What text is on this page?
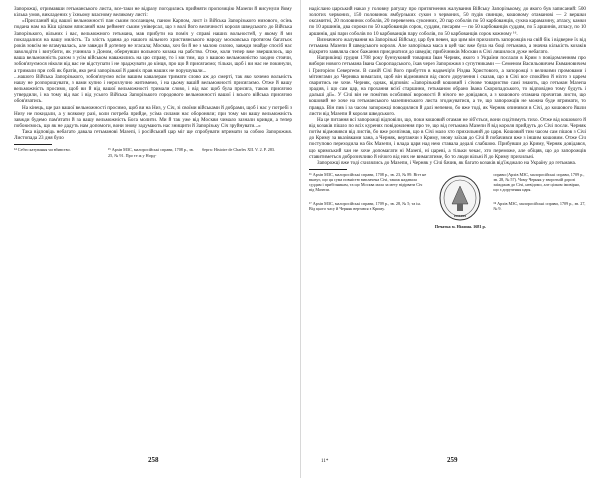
Запорожці, отримавши гетьманського листа, все-таки не відразу погодились прийняти пропозицію Мазепи й висунули йому кілька умов, викладених у їхньому власному великому листі:

«Присланий від вашої вельможності пан ським посланцем, паном Карпом, лист із Війська Запорізького низового, осінь подана нам на Кіш цілком вписаний нам реймент ським універсал, що з волі його величності короля шведського до Війська Запорізького, вільних і вас, вельможного гетьмана, мав прибути на поміч у справі наших вольностей, у якому й ми покладалися на вашу милість. Та злість здавна до нашого вільного християнського народу московська протягом багатьох років зовсім не вгамувалась, але завжди й дотепер не згасала; Москва, хоч би й не з малою силою, завжди знайде спосіб нас заволодіти і вигубити, як учинила з Доном, обернувши вольного козака на рабство. Отже, коли тепер вже звершилось, що ваша вельможність разом з усім військом наважились на цю справу, то і ми тим, що з вашою вельможністю заодно стоячи, зобов'язуємося ніколи від вас не відступати і не зраджувати до кінця, про що й присягаємо; тільки, щоб і ви нас не покинули, а тримали при собі як братів, яко речі запорізької й давніх прав наших не порушували...

...нашого Війська Запорізького, зобов'язуємо всім вашим кавалерам тримати слово аж до смерті, так яко хочемо вольність нашу не розпорошувати, з вами купно і нерозлучно житимемо, і на цьому вашій вельможності присягаємо. Отже й вашу вельможність просимо, щоб ви й від вашої вельможності тримали слово, і від вас щоб була присяга, також присягою утвердили, і на тому від вас і від усього Війська Запорізького городового вельможності вашої і всього війська присягою обов'язатись.

На кінець, ще раз вашої вельможності просимо, щоб ви на Низ, у Січ, зі своїми військами й добрами, щоб і нас у потребі з Низу не покидали, а у всякому разі, коли потреба прийде, усіма силами нас обороняли; при тому ми вашу вельможність завжди будемо пам'ятати й за вашу вельможність Бога молити. Ми й так уже від Москви чимало зазнали кривди, а тепер побоюємось, що як не дадуть нам допомоги, вони знову задумають нас знищити й Запорізьку Січ зруйнувати...»

Така відповідь небагато давала гетьманові Мазепі, і російський цар міг ще спробувати втримати за собою Запорожжя. Листопада 23 дня було

¹⁴ Себто катування чи вбивство.	¹⁵ Архів МЗС, малоросійські справи, 1708 р., зв. 25, № 91. Про те ж у Норд-
берга: Histoire de Charles XII. V. 2. P. 283.
258

надіслано царський наказ у головну ратушу про притягнення жалування Війську Запорізькому, до якого був записаний: 500 золотих червоних, 150 половинок ямбурзьких сукон з червоних, 50 пудів свинцю, кошовому отаманові — 2 вершки оксамитні, 20 половинок соболів, 20 перевезень суконних, 20 пар соболів по 50 карбованців, сукна карамазину, атласу, камки по 10 аршинів, два сороки по 50 карбованців сорок, суддям, писарям — по 50 карбованців суддям, по 5 аршинів, атласу, по 10 аршинів, дві пари соболів по 10 карбованців пару соболів, по 50 карбованців сорок кожному ¹⁶.

Визначного жалування на Запорізькі Війську, цар був певен, що цим він прихилить запорожців на свій бік і відверне їх від гетьмана Мазепи й шведського короля. Але запорізька маса в цей час вже була на боці гетьмана, а значна кількість козаків відкрито заявляла своє бажання приєднатися до шведів; прибічників Москви в Січі лишилося дуже небагато.

Наприкінці грудня 1708 року бунчуковий товариш Іван Черняк, якого з України послали в Крим з повідомленням про вибори нового гетьмана Івана Скоропадського, їхав через Запорожжя з супутниками — Семеном Васильовичем Еммановичем і Григорієм Севергеєм. В самій Січі його прибуття в надвечір'я Різдва Христового, а запорожці з великими промовами і мітингами до Черняка вимагали, щоб він відмовився від свого доручення і сказав, що в Січі все спокійно й ніхто з царем сваритись не хоче. Черняк, однак, відповів: «Запорізький кошовий і січове товариство самі знають, що гетьман Мазепа зрадив, і що сам цар, на прохання всієї старшини, гетьманом обрано Івана Скоропадського, то відповідно тому будуть і дальші дії». У Січі він не помітив особливої ворожості й нічого не довідався, а з кошового отамана прочитав листи, що кошовий не хоче на гетьманського мазепинського листа згоджуватися, а те, що запорожців не можна буде втримати, то правда. Він пив і за часом запорожці поводилися й далі непевно, бо вже тоді, як Черняк опинився в Січі, до кошового йшли листи від Мазепи й короля шведського.

На це питання всі запорожці відповіли, що, поки кошовий отаман не зіб'ється, вони сидітимуть тихо. Отже від кошового й від козаків пішло по всіх куренях повідомлення про те, що від гетьмана Мазепи й від короля прийдуть до Січі посли. Черняк потім відмовився від листів, бо вже розпізнав, що в Січі мало хто прихильний до царя. Кошовий тим часом сам пішов з Січі до Криму за вказівками хана, а Черняк, вертаючи з Криму, знову заїхав до Січі й побачився вже з іншим кошовим. Отже Січ поступово переходила на бік Мазепи, і влада царя над нею ставала дедалі слабшою. Прибувши до Криму, Черняк довідався, що кримський хан не хоче допомагати ні Мазепі, ні цареві, а тільки чекає, хто переможе, але обіцяв, що до запорожців ставитиметься доброзичливо й нічого від них не вимагатиме, бо то люди вільні й до Криму прихильні.

Запорожці вже тоді схилялись до Мазепи, і Черняк у Січі бачив, як багато козаків від'їжджало на Україну до гетьмана.

¹⁶ Архів МЗС, малоросійські справи, 1708 р., зв. 23, № 89. Вітт не вказує, що ця сума повністю виплачена Січі, також надавала суддям і прибічникам, та що Москва мала за мету відірвати Січ від Мазепи.
¹⁷ Архів МЗС, малоросійські справи, 1709 р., зв. 28, № 5; та ін. Від цього часу й Черняк вертався з Криму.
НІЖИН
Печатка м. Ніжина. 1681 р.
справи (Архів МЗС, малоросійські справи, 1709 р., зв. 28, № 57). Чому Черняк у зворотній дорозі заїжджав до Січі, невідомо, але цілком імовірно, що з доручення царя.
¹⁸ Архів МЗС, малоросійські справи, 1709 р., зв. 27, № 9.
11*	259
